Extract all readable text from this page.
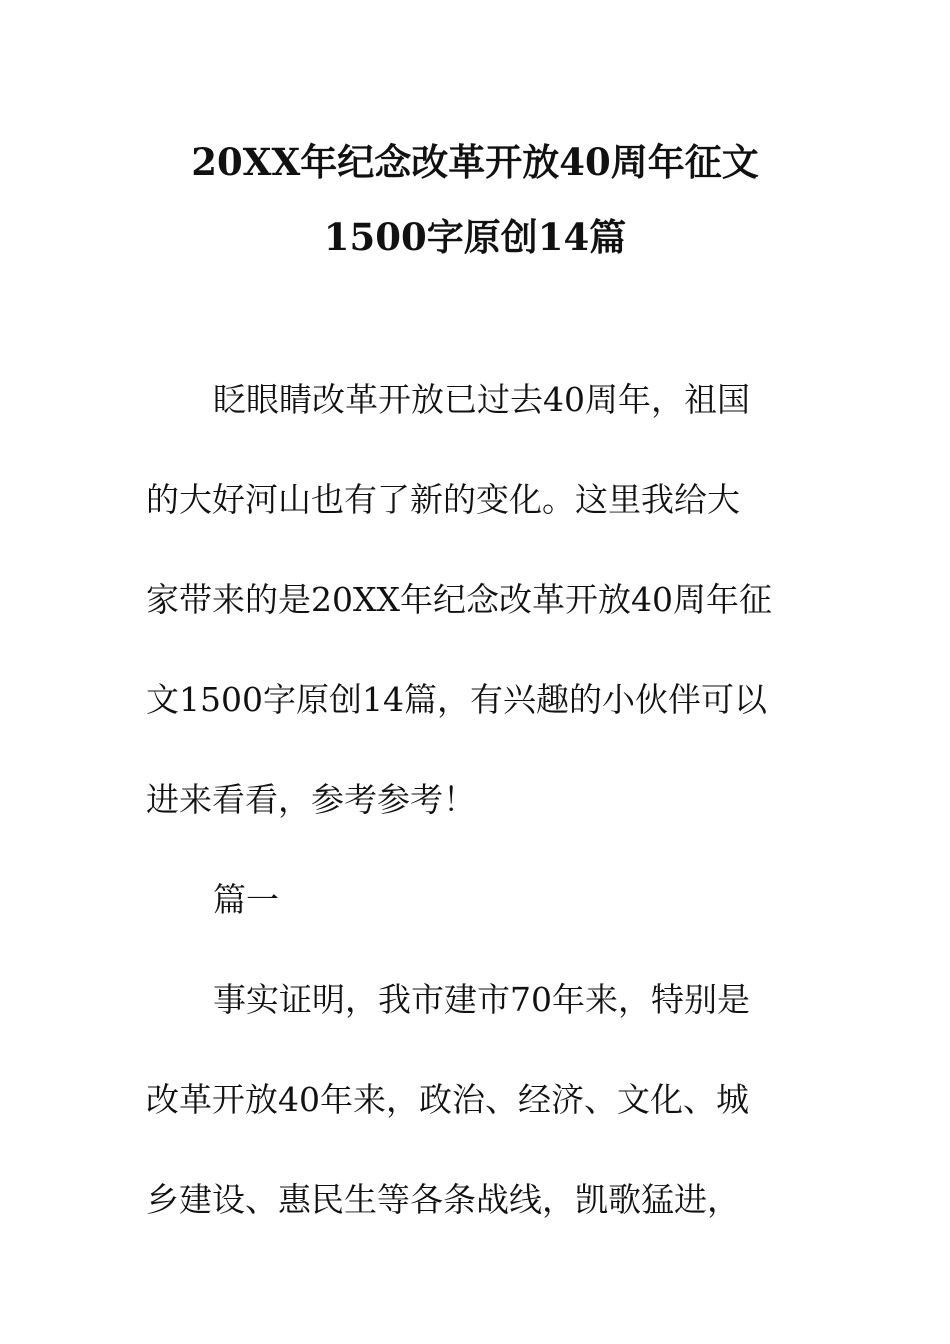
20XX年纪念改革开放40周年征文
1500字原创14篇
眨眼睛改革开放已过去40周年，祖国
的大好河山也有了新的变化。这里我给大
家带来的是20XX年纪念改革开放40周年征
文1500字原创14篇，有兴趣的小伙伴可以
进来看看，参考参考！
篇一
事实证明，我市建市70年来，特别是
改革开放40年来，政治、经济、文化、城
乡建设、惠民生等各条战线，凯歌猛进，
